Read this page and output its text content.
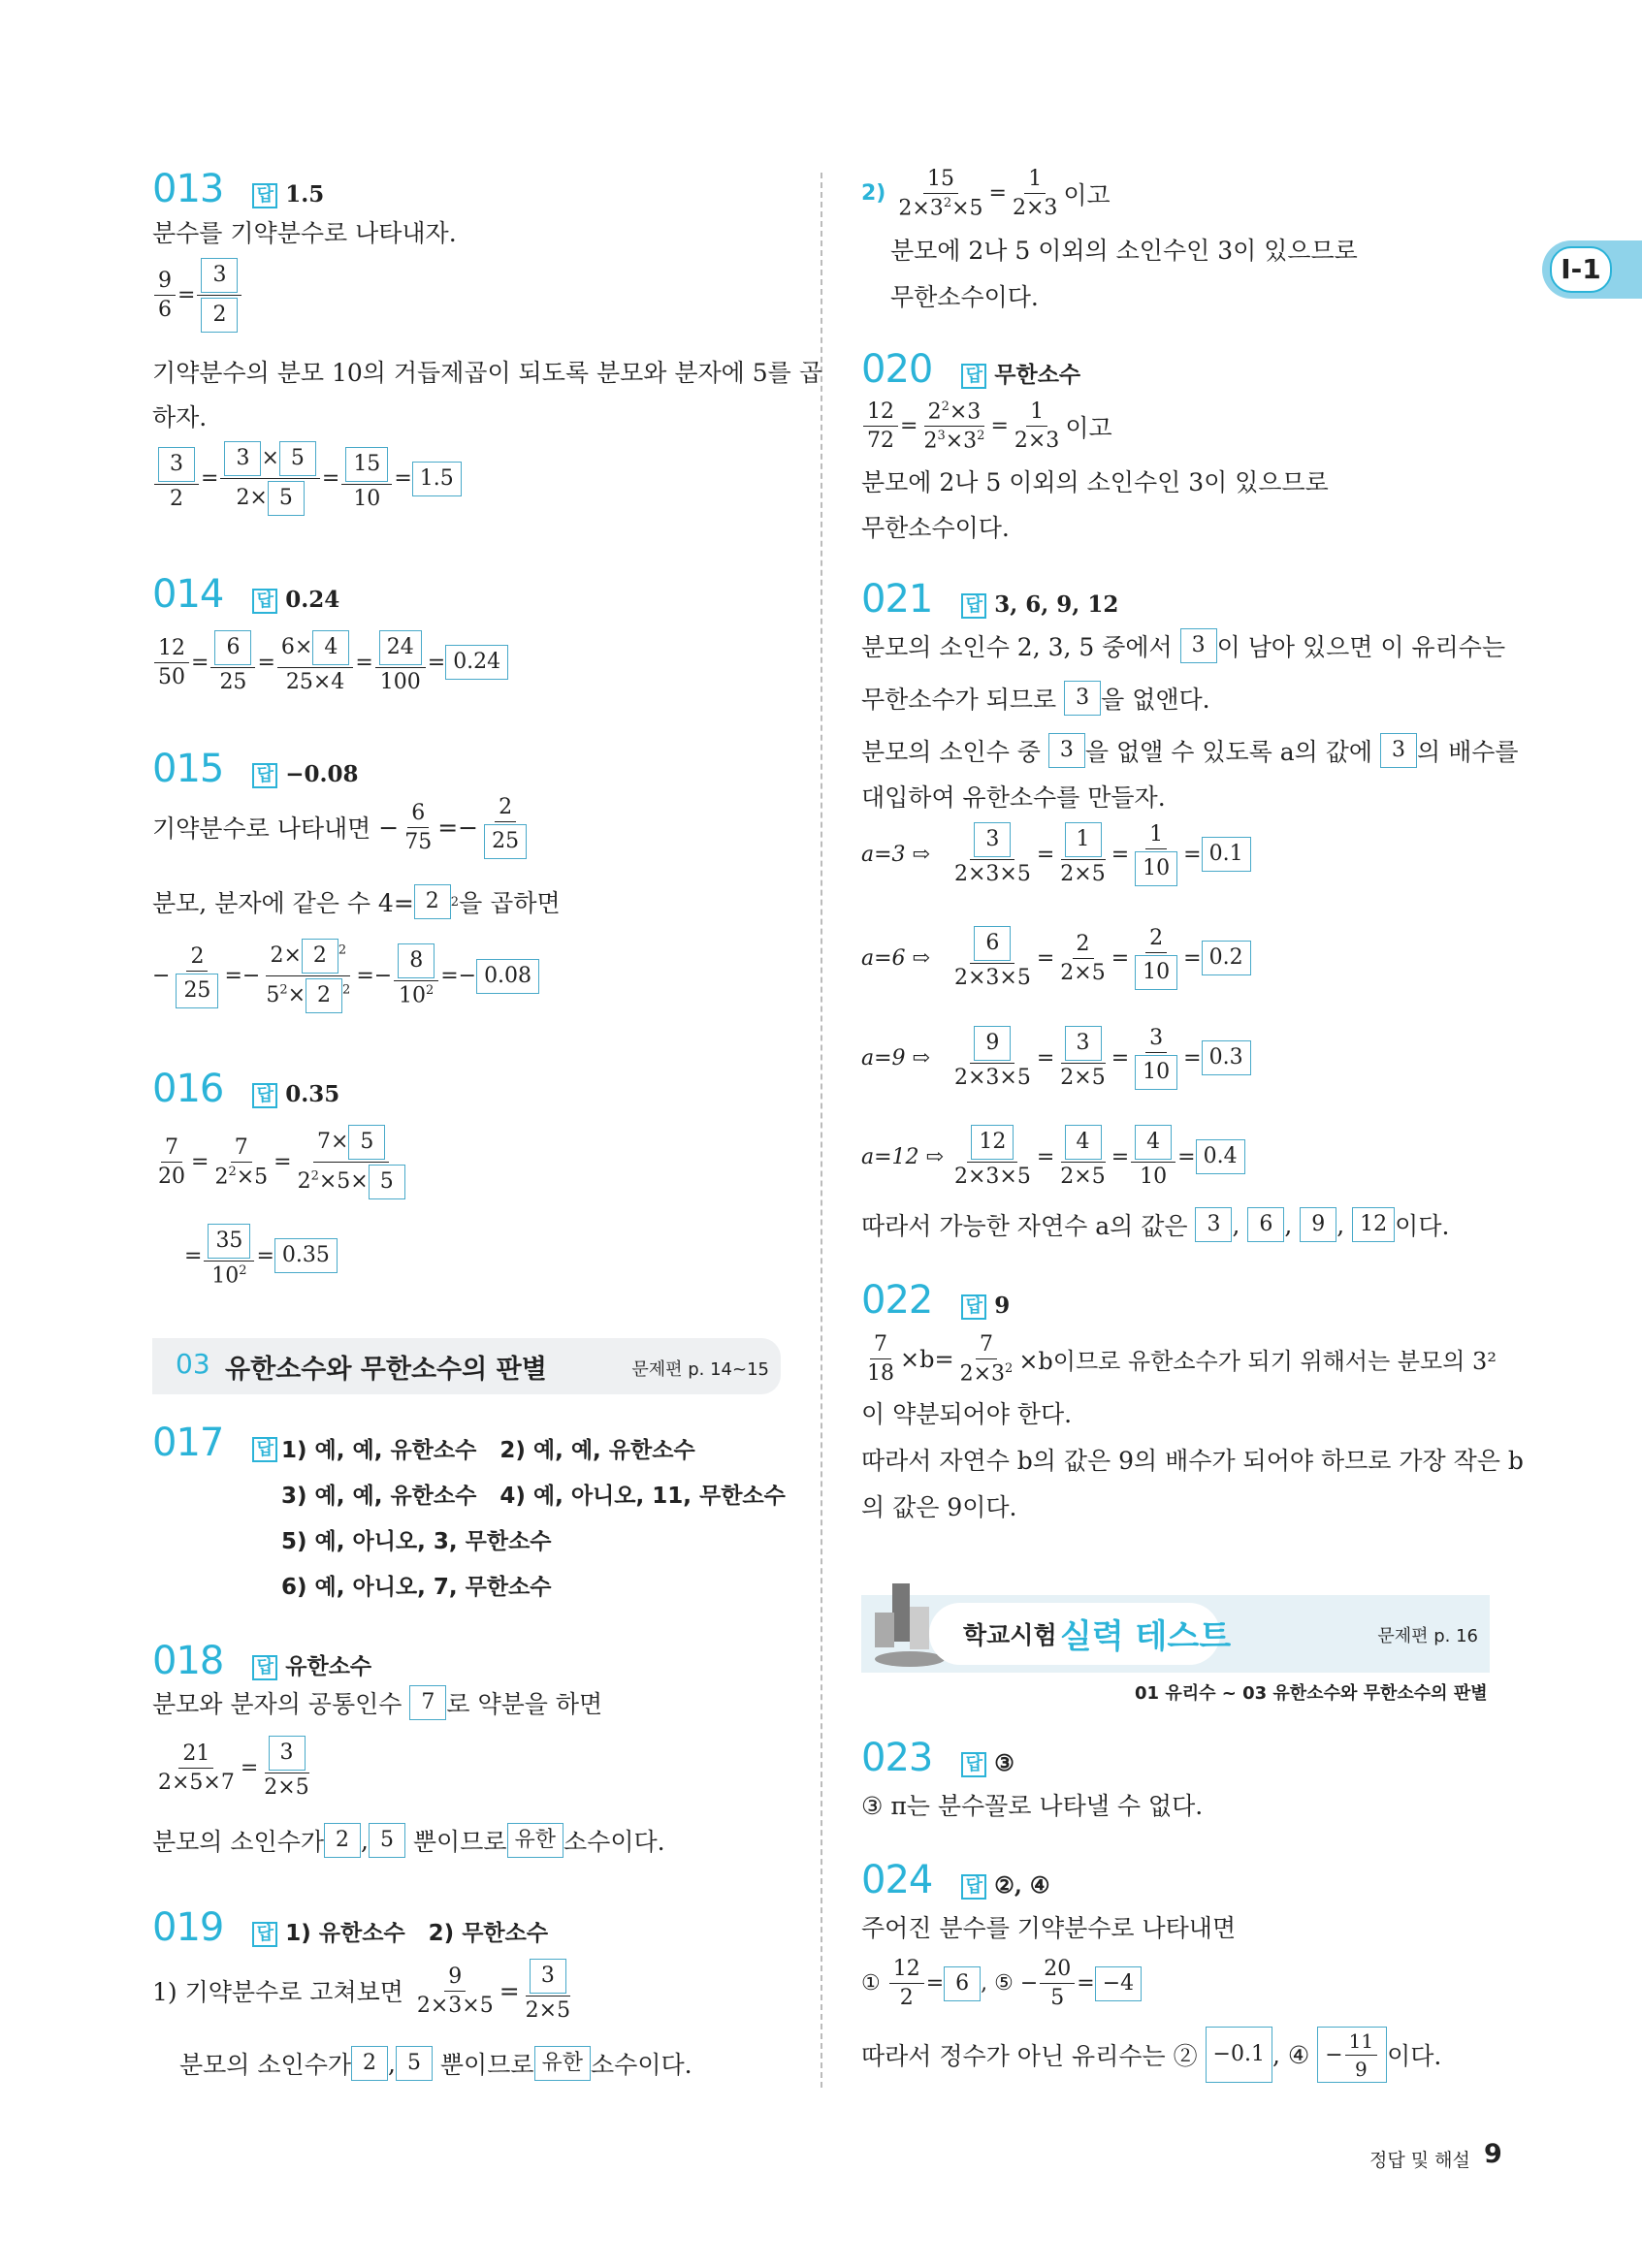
I-1
013 답 1.5
분수를 기약분수로 나타내자.
$\frac{9}{6} = \frac{3}{2}$
기약분수의 분모 10의 거듭제곱이 되도록 분모와 분자에 5를 곱
하자.
$\frac{3}{2} = \frac{3 \times 5}{2\times 5} = \frac{15}{10} = 1.5$
014 답 0.24
$\frac{12}{50} = \frac{6}{25} = \frac{6\times 4}{25\times 4} = \frac{24}{100} = 0.24$
015 답 −0.08
기약분수로 나타내면 − $\frac{6}{75} =- \frac{2}{25}$
분모, 분자에 같은 수 4= 2 2 을 곱하면
− $\frac{2}{25} =- \frac{2\times 2 ^2}{5^2\times 2 ^2} =- \frac{8}{10^2} =- 0.08$
016 답 0.35
$\frac{7}{20} = \frac{7}{2^2\times 5} = \frac{7\times 5}{2^2\times 5\times 5}$
= $\frac{35}{10^2} = 0.35$
03 유한소수와 무한소수의 판별	문제편 p. 14~15
017 답 1) 예, 예, 유한소수 2) 예, 예, 유한소수
3) 예, 예, 유한소수 4) 예, 아니오, 11, 무한소수
5) 예, 아니오, 3, 무한소수
6) 예, 아니오, 7, 무한소수
018 답 유한소수
분모와 분자의 공통인수
7 로 약분을 하면
$\frac{21}{2\times 5\times 7} = \frac{3}{2\times 5}$
분모의 소인수가 2 , 5
뿐이므로 유한 소수이다.
019 답 1) 유한소수   2) 무한소수
1) 기약분수로 고쳐보면
$\frac{9}{2\times 3\times 5} = \frac{3}{2\times 5}$
분모의 소인수가 2 , 5
뿐이므로 유한 소수이다.
2)
$\frac{15}{2\times 3^2\times 5} = \frac{1}{2\times 3}$ 이고
분모에 2나 5 이외의 소인수인 3이 있으므로
무한소수이다.
020 답 무한소수
$\frac{12}{72} = \frac{2^2\times 3}{2^3\times 3^2} = \frac{1}{2\times 3}$ 이고
분모에 2나 5 이외의 소인수인 3이 있으므로
무한소수이다.
021 답 3, 6, 9, 12
분모의 소인수 2, 3, 5 중에서
3 이 남아 있으면 이 유리수는
무한소수가 되므로
3 을 없앤다.
분모의 소인수 중
3 을 없앨 수 있도록 a의 값에
3 의 배수를
대입하여 유한소수를 만들자.
a=3 ⇨ $\frac{3}{2\times 3\times 5} = \frac{1}{2\times 5} = \frac{1}{10} = 0.1$
a=6 ⇨ $\frac{6}{2\times 3\times 5} = \frac{2}{2\times 5} = \frac{2}{10} = 0.2$
a=9 ⇨ $\frac{9}{2\times 3\times 5} = \frac{3}{2\times 5} = \frac{3}{10} = 0.3$
a=12 ⇨ $\frac{12}{2\times 3\times 5} = \frac{4}{2\times 5} = \frac{4}{10} = 0.4$
따라서 가능한 자연수 a의 값은
3 , 6 , 9 , 12 이다.
022 답 9
$\frac{7}{18} \times b= \frac{7}{2\times 3^2} \times b$이므로 유한소수가 되기 위해서는 분모의 3²
이 약분되어야 한다.
따라서 자연수 b의 값은 9의 배수가 되어야 하므로 가장 작은 b
의 값은 9이다.
학교시험 실력 테스트	문제편 p. 16
01 유리수 ~ 03 유한소수와 무한소수의 판별
023 답 ③
③ π는 분수꼴로 나타낼 수 없다.
024 답 ②, ④
주어진 분수를 기약분수로 나타내면
① $\frac{12}{2} = 6$ , ⑤ − $\frac{20}{5} = -4$
따라서 정수가 아닌 유리수는 ②
−0.1 , ④ − $\frac{11}{9}$ 이다.
정답 및 해설 9
